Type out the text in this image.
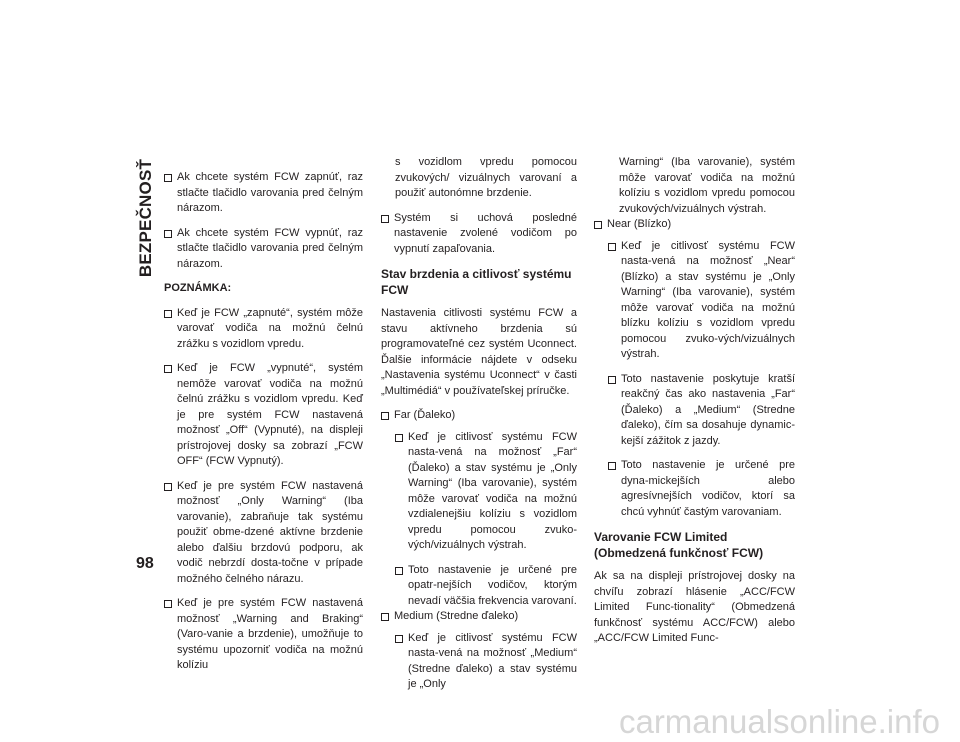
BEZPEČNOSŤ
98

Ak chcete systém FCW zapnúť, raz stlačte tlačidlo varovania pred čelným nárazom.

Ak chcete systém FCW vypnúť, raz stlačte tlačidlo varovania pred čelným nárazom.

POZNÁMKA:

Keď je FCW „zapnuté“, systém môže varovať vodiča na možnú čelnú zrážku s vozidlom vpredu.

Keď je FCW „vypnuté“, systém nemôže varovať vodiča na možnú čelnú zrážku s vozidlom vpredu. Keď je pre systém FCW nastavená možnosť „Off“ (Vypnuté), na displeji prístrojovej dosky sa zobrazí „FCW OFF“ (FCW Vypnutý).

Keď je pre systém FCW nastavená možnosť „Only Warning“ (Iba varovanie), zabraňuje tak systému použiť obme-dzené aktívne brzdenie alebo ďalšiu brzdovú podporu, ak vodič nebrzdí dosta-točne v prípade možného čelného nárazu.

Keď je pre systém FCW nastavená možnosť „Warning and Braking“ (Varo-vanie a brzdenie), umožňuje to systému upozorniť vodiča na možnú kolíziu

s vozidlom vpredu pomocou zvukových/ vizuálnych varovaní a použiť autonómne brzdenie.

Systém si uchová posledné nastavenie zvolené vodičom po vypnutí zapaľovania.

Stav brzdenia a citlivosť systému FCW

Nastavenia citlivosti systému FCW a stavu aktívneho brzdenia sú programovateľné cez systém Uconnect. Ďalšie informácie nájdete v odseku „Nastavenia systému Uconnect“ v časti „Multimédiá“ v používateľskej príručke.

Far (Ďaleko)

Keď je citlivosť systému FCW nasta-vená na možnosť „Far“ (Ďaleko) a stav systému je „Only Warning“ (Iba varovanie), systém môže varovať vodiča na možnú vzdialenejšiu kolíziu s vozidlom vpredu pomocou zvuko-vých/vizuálnych výstrah.

Toto nastavenie je určené pre opatr-nejších vodičov, ktorým nevadí väčšia frekvencia varovaní.

Medium (Stredne ďaleko)

Keď je citlivosť systému FCW nasta-vená na možnosť „Medium“ (Stredne ďaleko) a stav systému je „Only

Warning“ (Iba varovanie), systém môže varovať vodiča na možnú kolíziu s vozidlom vpredu pomocou zvukových/vizuálnych výstrah.

Near (Blízko)

Keď je citlivosť systému FCW nasta-vená na možnosť „Near“ (Blízko) a stav systému je „Only Warning“ (Iba varovanie), systém môže varovať vodiča na možnú blízku kolíziu s vozidlom vpredu pomocou zvuko-vých/vizuálnych výstrah.

Toto nastavenie poskytuje kratší reakčný čas ako nastavenia „Far“ (Ďaleko) a „Medium“ (Stredne ďaleko), čím sa dosahuje dynamic-kejší zážitok z jazdy.

Toto nastavenie je určené pre dyna-mickejších alebo agresívnejších vodičov, ktorí sa chcú vyhnúť častým varovaniam.

Varovanie FCW Limited (Obmedzená funkčnosť FCW)

Ak sa na displeji prístrojovej dosky na chvíľu zobrazí hlásenie „ACC/FCW Limited Func-tionality“ (Obmedzená funkčnosť systému ACC/FCW) alebo „ACC/FCW Limited Func-

carmanualsonline.info
